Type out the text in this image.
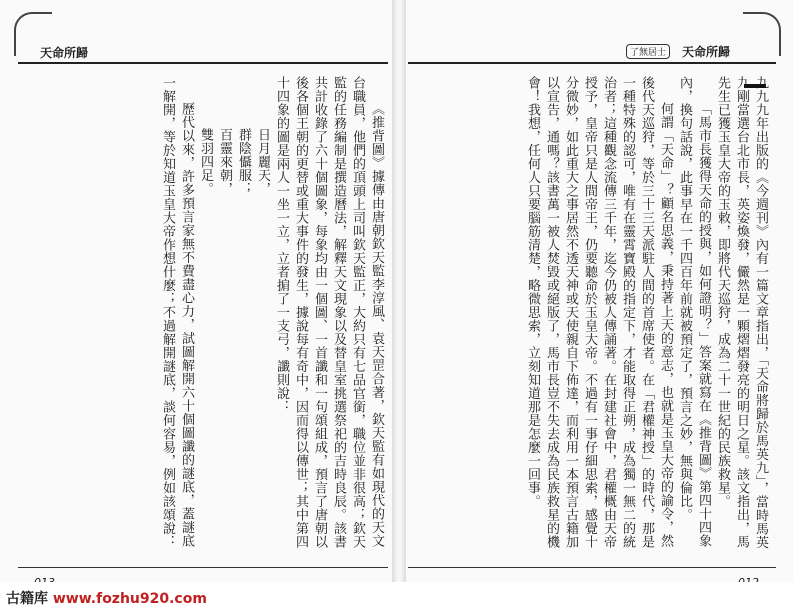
天命所歸	了無居士	天命所歸

《推背圖》據傳由唐朝欽天監李淳風、袁天罡合著，欽天監有如現代的天文台職員，他們的頂頭上司叫欽天監正，大約只有七品官銜，職位並非很高；欽天監的任務編制是撰造曆法，解釋天文現象以及替皇室挑選祭祀的吉時良辰。該書共計收錄了六十個圖象，每象均由一個圖、一首讖和一句頌組成，預言了唐朝以後各個王朝的更替或重大事件的發生，據說每有奇中，因而得以傳世；其中第四十四象的圖是兩人一坐一立，立者掮了一支弓，讖則說：

日月麗天，

群陰懾服；

百靈來朝，

雙羽四足。

歷代以來，許多預言家無不費盡心力，試圖解開六十個圖讖的謎底，蓋謎底一解開，等於知道玉皇大帝作想什麼；不過解開謎底，談何容易，例如該頌說：	九九九年出版的《今週刊》內有一篇文章指出，「天命將歸於馬英九」，當時馬英九剛當選台北市長，英姿煥發，儼然是一顆熠熠發亮的明日之星。該文指出，馬先生已獲玉皇大帝的玉敕，即將代天巡狩，成為二十一世紀的民族救星。

「馬市長獲得天命的授與，如何證明？」答案就寫在《推背圖》第四十四象內，換句話說，此事早在一千四百年前就被預定了，預言之妙，無與倫比。

何謂「天命」？顧名思義，秉持著上天的意志，也就是玉皇大帝的諭令，然後代天巡狩，等於三十三天派駐人間的首席使者。在「君權神授」的時代，那是一種特殊的認可，唯有在靈霄寶殿的指定下，才能取得正朔，成為獨一無二的統治者；這種觀念流傳三千年，迄今仍被人傳誦著。在封建社會中，君權概由天帝授予，皇帝只是人間帝王，仍要聽命於玉皇大帝。不過有一事仔細思索，感覺十分微妙，如此重大之事居然不透天神或天使親自下佈達，而利用一本預言古籍加以宣告，通嗎？該書萬一被人焚毀或絕版了，馬市長豈不失去成為民族救星的機會！我想，任何人只要腦筋清楚，略微思索，立刻知道那是怎麼一回事。

古籍库 www.fozhu920.com
